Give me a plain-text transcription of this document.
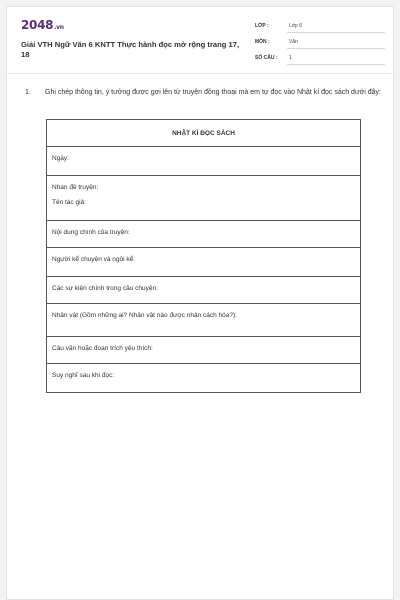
2048.vn
Giải VTH Ngữ Văn 6 KNTT Thực hành đọc mở rộng trang 17, 18
LỚP :	Lớp 6
MÔN :	Văn
SỐ CÂU : 1
1. Ghi chép thông tin, ý tưởng được gợi lên từ truyện đồng thoại mà em tự đọc vào Nhật kí đọc sách dưới đây:
NHẬT KÍ ĐỌC SÁCH

Ngày:

Nhan đề truyện:
Tên tác giả:

Nội dung chính của truyện:

Người kể chuyện và ngôi kể:

Các sự kiện chính trong câu chuyện:

Nhân vật (Gồm những ai? Nhân vật nào được nhân cách hóa?):

Câu văn hoặc đoạn trích yêu thích:

Suy nghĩ sau khi đọc:
